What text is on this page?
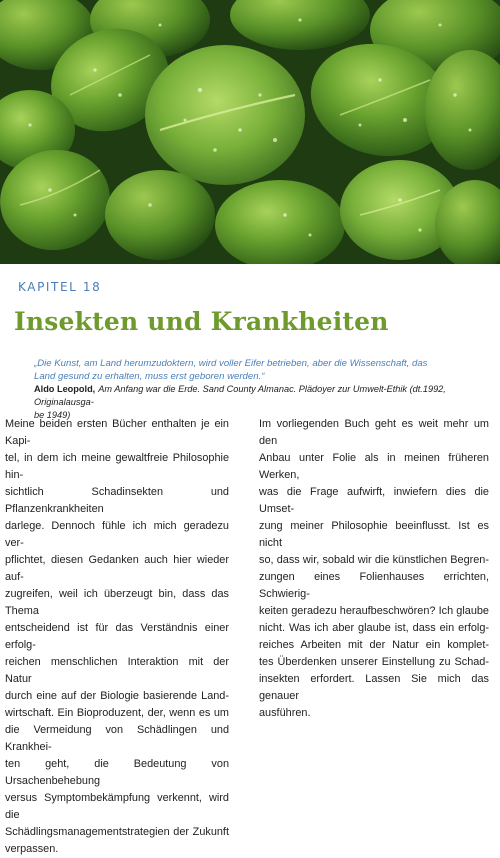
KAPITEL 18
Insekten und Krankheiten

„Die Kunst, am Land herumzudoktern, wird voller Eifer betrieben, aber die Wissenschaft, das
Land gesund zu erhalten, muss erst geboren werden.“

Aldo Leopold, Am Anfang war die Erde. Sand County Almanac. Plädoyer zur Umwelt-Ethik (dt.1992, Originalausga-
be 1949)

Meine beiden ersten Bücher enthalten je ein Kapi-
tel, in dem ich meine gewaltfreie Philosophie hin-
sichtlich Schadinsekten und Pflanzenkrankheiten
darlege. Dennoch fühle ich mich geradezu ver-
pflichtet, diesen Gedanken auch hier wieder auf-
zugreifen, weil ich überzeugt bin, dass das Thema
entscheidend ist für das Verständnis einer erfolg-
reichen menschlichen Interaktion mit der Natur
durch eine auf der Biologie basierende Land-
wirtschaft. Ein Bioproduzent, der, wenn es um
die Vermeidung von Schädlingen und Krankhei-
ten geht, die Bedeutung von Ursachenbehebung
versus Symptombekämpfung verkennt, wird die
Schädlingsmanagementstrategien der Zukunft
verpassen.
Im vorliegenden Buch geht es weit mehr um den
Anbau unter Folie als in meinen früheren Werken,
was die Frage aufwirft, inwiefern dies die Umset-
zung meiner Philosophie beeinflusst. Ist es nicht
so, dass wir, sobald wir die künstlichen Begren-
zungen eines Folienhauses errichten, Schwierig-
keiten geradezu heraufbeschwören? Ich glaube
nicht. Was ich aber glaube ist, dass ein erfolg-
reiches Arbeiten mit der Natur ein komplet-
tes Überdenken unserer Einstellung zu Schad-
insekten erfordert. Lassen Sie mich das genauer
ausführen.
